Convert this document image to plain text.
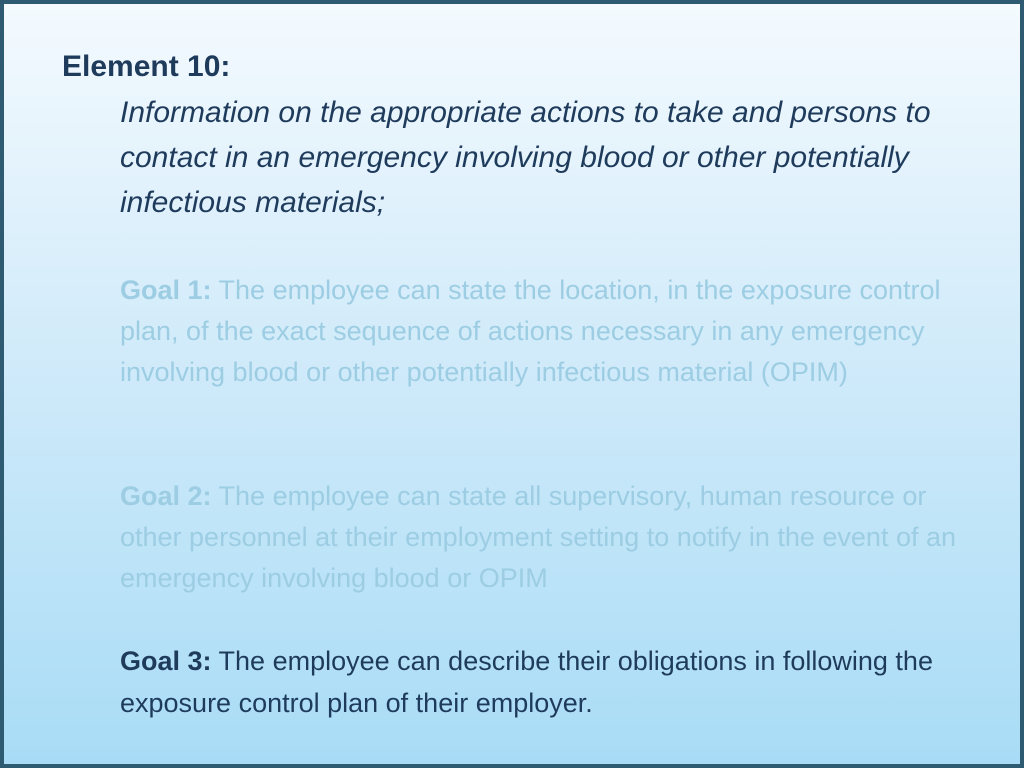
Element 10:

Information on the appropriate actions to take and persons to contact in an emergency involving blood or other potentially infectious materials;

Goal 1: The employee can state the location, in the exposure control plan, of the exact sequence of actions necessary in any emergency involving blood or other potentially infectious material (OPIM)

Goal 2: The employee can state all supervisory, human resource or other personnel at their employment setting to notify in the event of an emergency involving blood or OPIM

Goal 3: The employee can describe their obligations in following the exposure control plan of their employer.
